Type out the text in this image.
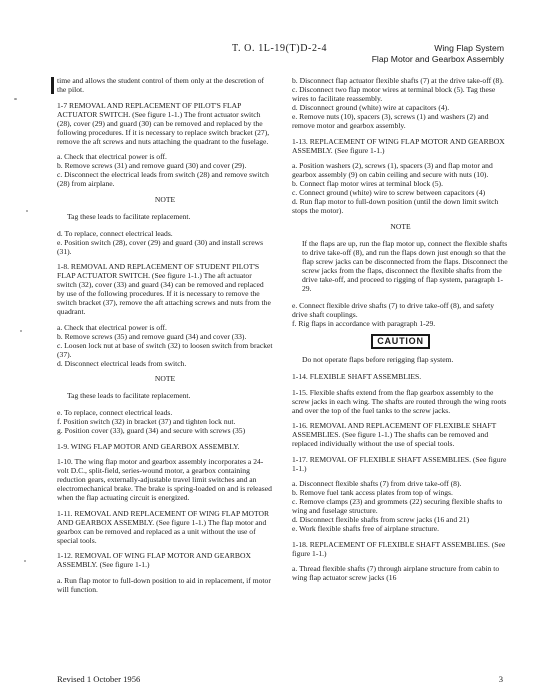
T. O. 1L-19(T)D-2-4	Wing Flap System
Flap Motor and Gearbox Assembly

time and allows the student control of them only at the descretion of the pilot.

1-7 REMOVAL AND REPLACEMENT OF PILOT'S FLAP ACTUATOR SWITCH. (See figure 1-1.) The front actuator switch (28), cover (29) and guard (30) can be removed and replaced by the following procedures. If it is necessary to replace switch bracket (27), remove the aft screws and nuts attaching the quadrant to the fuselage.

a. Check that electrical power is off.

b. Remove screws (31) and remove guard (30) and cover (29).

c. Disconnect the electrical leads from switch (28) and remove switch (28) from airplane.

NOTE

Tag these leads to facilitate replacement.

d. To replace, connect electrical leads.

e. Position switch (28), cover (29) and guard (30) and install screws (31).

1-8. REMOVAL AND REPLACEMENT OF STUDENT PILOT'S FLAP ACTUATOR SWITCH. (See figure 1-1.) The aft actuator switch (32), cover (33) and guard (34) can be removed and replaced by use of the following procedures. If it is necessary to remove the switch bracket (37), remove the aft attaching screws and nuts from the quadrant.

a. Check that electrical power is off.

b. Remove screws (35) and remove guard (34) and cover (33).

c. Loosen lock nut at base of switch (32) to loosen switch from bracket (37).

d. Disconnect electrical leads from switch.

NOTE

Tag these leads to facilitate replacement.

e. To replace, connect electrical leads.

f. Position switch (32) in bracket (37) and tighten lock nut.

g. Position cover (33), guard (34) and secure with screws (35)

1-9. WING FLAP MOTOR AND GEARBOX ASSEMBLY.

1-10. The wing flap motor and gearbox assembly incorporates a 24-volt D.C., split-field, series-wound motor, a gearbox containing reduction gears, externally-adjustable travel limit switches and an electromechanical brake. The brake is spring-loaded on and is released when the flap actuating circuit is energized.

1-11. REMOVAL AND REPLACEMENT OF WING FLAP MOTOR AND GEARBOX ASSEMBLY. (See figure 1-1.) The flap motor and gearbox can be removed and replaced as a unit without the use of special tools.

1-12. REMOVAL OF WING FLAP MOTOR AND GEARBOX ASSEMBLY. (See figure 1-1.)

a. Run flap motor to full-down position to aid in replacement, if motor will function.

b. Disconnect flap actuator flexible shafts (7) at the drive take-off (8).

c. Disconnect two flap motor wires at terminal block (5). Tag these wires to facilitate reassembly.

d. Disconnect ground (white) wire at capacitors (4).

e. Remove nuts (10), spacers (3), screws (1) and washers (2) and remove motor and gearbox assembly.

1-13. REPLACEMENT OF WING FLAP MOTOR AND GEARBOX ASSEMBLY. (See figure 1-1.)

a. Position washers (2), screws (1), spacers (3) and flap motor and gearbox assembly (9) on cabin ceiling and secure with nuts (10).

b. Connect flap motor wires at terminal block (5).

c. Connect ground (white) wire to screw between capacitors (4)

d. Run flap motor to full-down position (until the down limit switch stops the motor).

NOTE

If the flaps are up, run the flap motor up, connect the flexible shafts to drive take-off (8), and run the flaps down just enough so that the flap screw jacks can be disconnected from the flaps. Disconnect the screw jacks from the flaps, disconnect the flexible shafts from the drive take-off, and proceed to rigging of flap system, paragraph 1-29.

e. Connect flexible drive shafts (7) to drive take-off (8), and safety drive shaft couplings.

f. Rig flaps in accordance with paragraph 1-29.

CAUTION

Do not operate flaps before rerigging flap system.

1-14. FLEXIBLE SHAFT ASSEMBLIES.

1-15. Flexible shafts extend from the flap gearbox assembly to the screw jacks in each wing. The shafts are routed through the wing roots and over the top of the fuel tanks to the screw jacks.

1-16. REMOVAL AND REPLACEMENT OF FLEXIBLE SHAFT ASSEMBLIES. (See figure 1-1.) The shafts can be removed and replaced individually without the use of special tools.

1-17. REMOVAL OF FLEXIBLE SHAFT ASSEMBLIES. (See figure 1-1.)

a. Disconnect flexible shafts (7) from drive take-off (8).

b. Remove fuel tank access plates from top of wings.

c. Remove clamps (23) and grommets (22) securing flexible shafts to wing and fuselage structure.

d. Disconnect flexible shafts from screw jacks (16 and 21)

e. Work flexible shafts free of airplane structure.

1-18. REPLACEMENT OF FLEXIBLE SHAFT ASSEMBLIES. (See figure 1-1.)

a. Thread flexible shafts (7) through airplane structure from cabin to wing flap actuator screw jacks (16

Revised 1 October 1956	3
